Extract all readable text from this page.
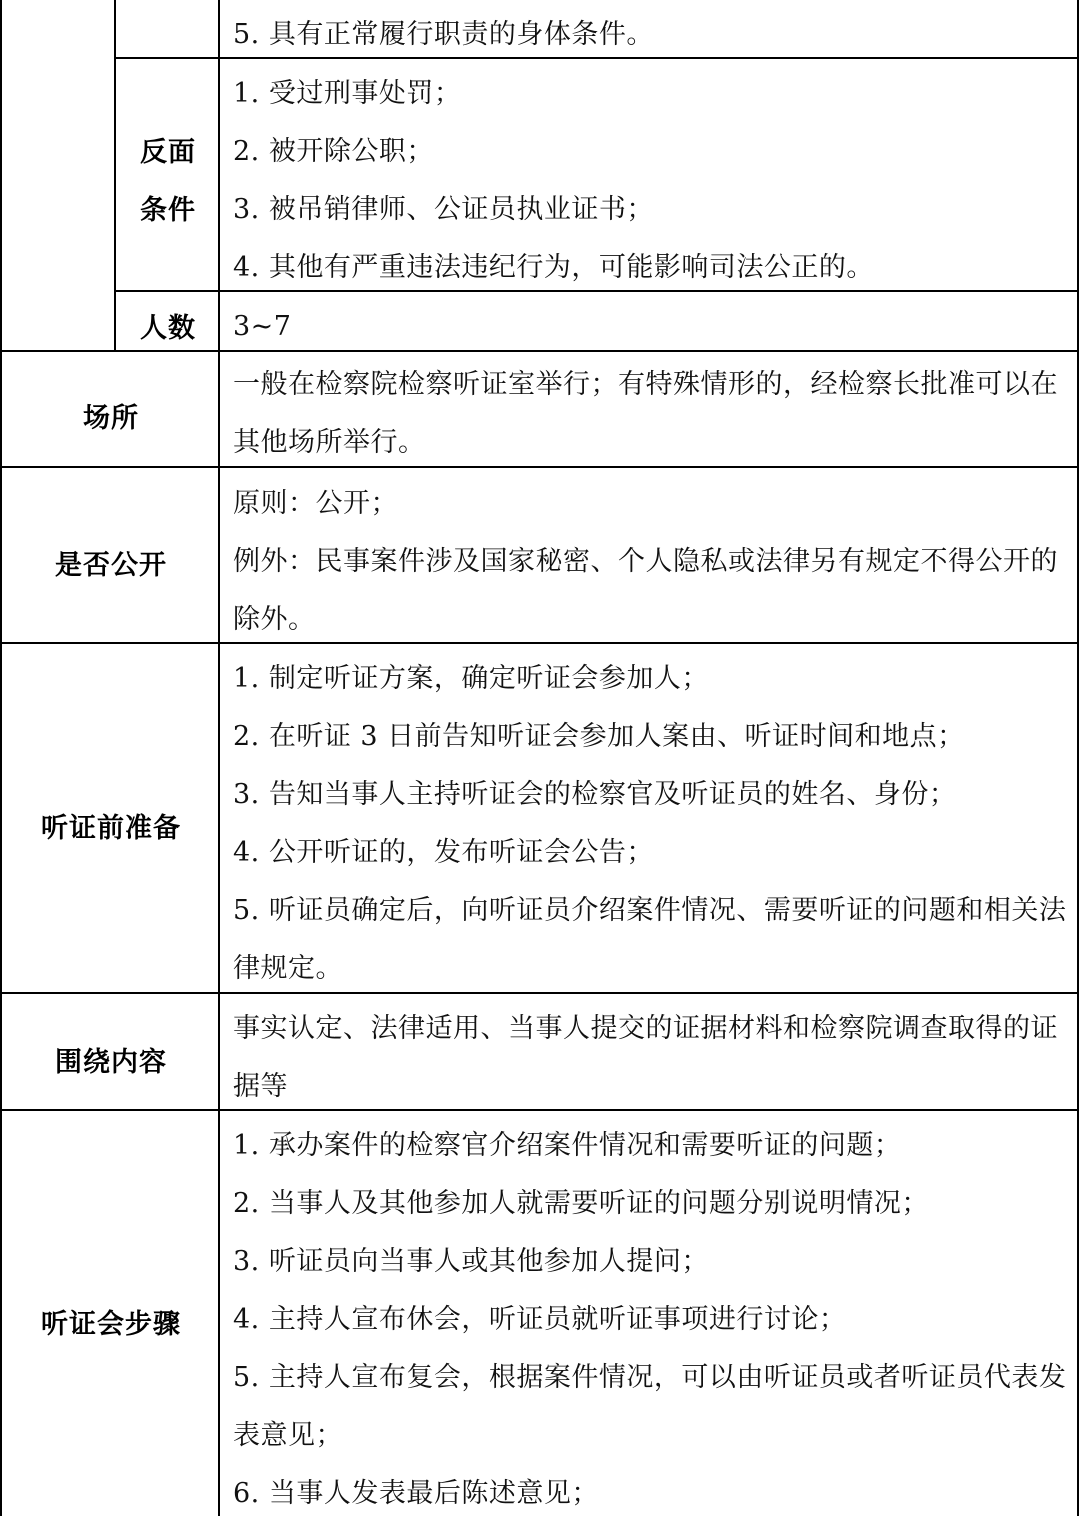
5. 具有正常履行职责的身体条件。

反面
条件

1. 受过刑事处罚；

2. 被开除公职；

3. 被吊销律师、公证员执业证书；

4. 其他有严重违法违纪行为，可能影响司法公正的。

人数	3~7

场所

一般在检察院检察听证室举行；有特殊情形的，经检察长批准可以在

其他场所举行。

是否公开

原则：公开；

例外：民事案件涉及国家秘密、个人隐私或法律另有规定不得公开的

除外。

听证前准备

1. 制定听证方案，确定听证会参加人；

2. 在听证 3 日前告知听证会参加人案由、听证时间和地点；

3. 告知当事人主持听证会的检察官及听证员的姓名、身份；

4. 公开听证的，发布听证会公告；

5. 听证员确定后，向听证员介绍案件情况、需要听证的问题和相关法

律规定。

围绕内容

事实认定、法律适用、当事人提交的证据材料和检察院调查取得的证

据等

听证会步骤

1. 承办案件的检察官介绍案件情况和需要听证的问题；

2. 当事人及其他参加人就需要听证的问题分别说明情况；

3. 听证员向当事人或其他参加人提问；

4. 主持人宣布休会，听证员就听证事项进行讨论；

5. 主持人宣布复会，根据案件情况，可以由听证员或者听证员代表发

表意见；

6. 当事人发表最后陈述意见；
